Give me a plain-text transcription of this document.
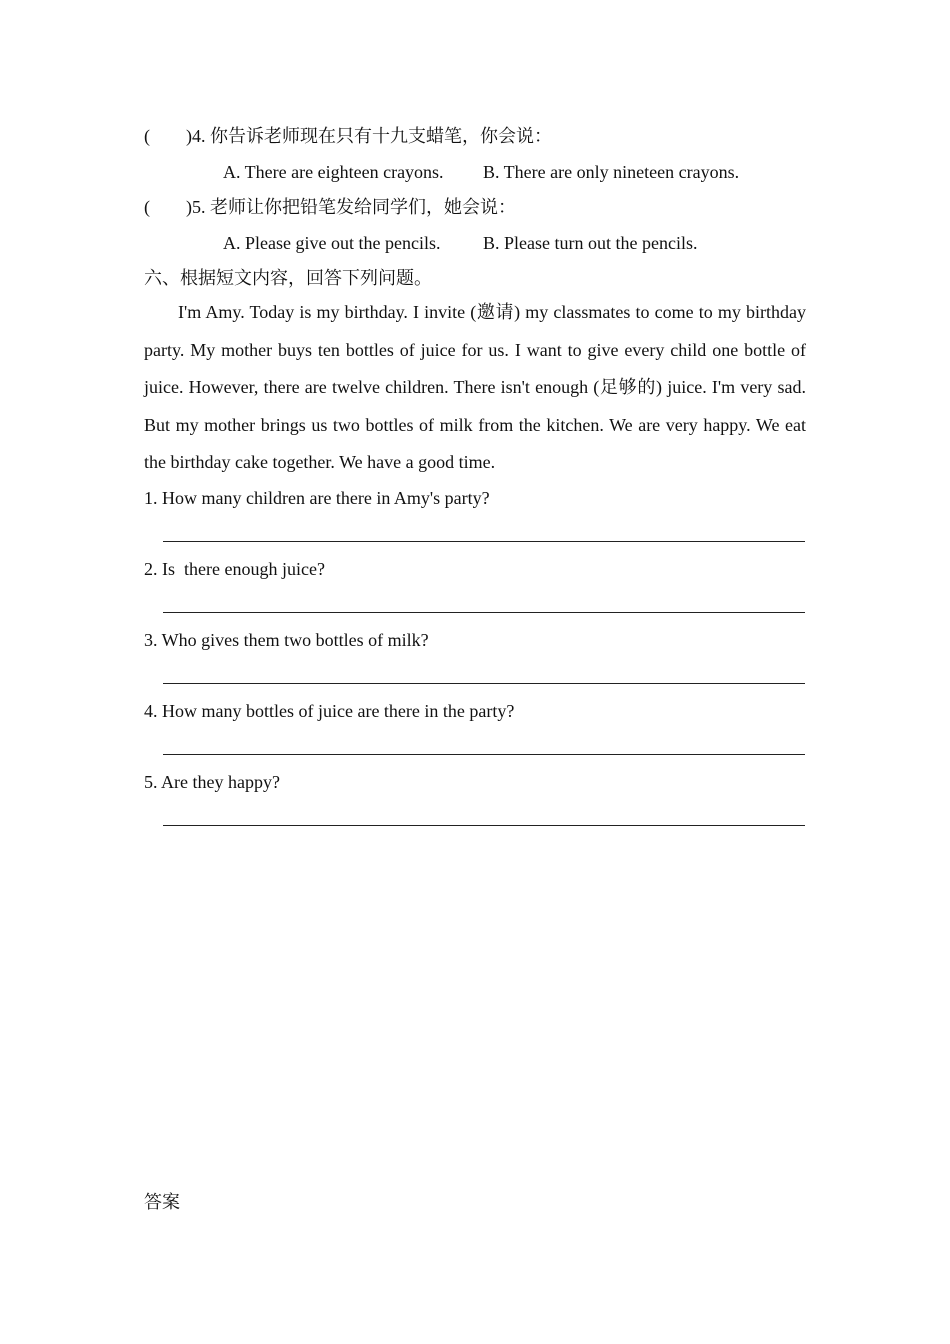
(        )4. 你告诉老师现在只有十九支蜡笔，你会说：
A. There are eighteen crayons. B. There are only nineteen crayons.
(        )5. 老师让你把铅笔发给同学们，她会说：
A. Please give out the pencils. B. Please turn out the pencils.
六、根据短文内容，回答下列问题。

I'm Amy. Today is my birthday. I invite (邀请) my classmates to come to my birthday party. My mother buys ten bottles of juice for us. I want to give every child one bottle of juice. However, there are twelve children. There isn't enough (足够的) juice. I'm very sad. But my mother brings us two bottles of milk from the kitchen. We are very happy. We eat the birthday cake together. We have a good time.

1. How many children are there in Amy's party?
2. Is  there enough juice?
3. Who gives them two bottles of milk?
4. How many bottles of juice are there in the party?
5. Are they happy?
答案
